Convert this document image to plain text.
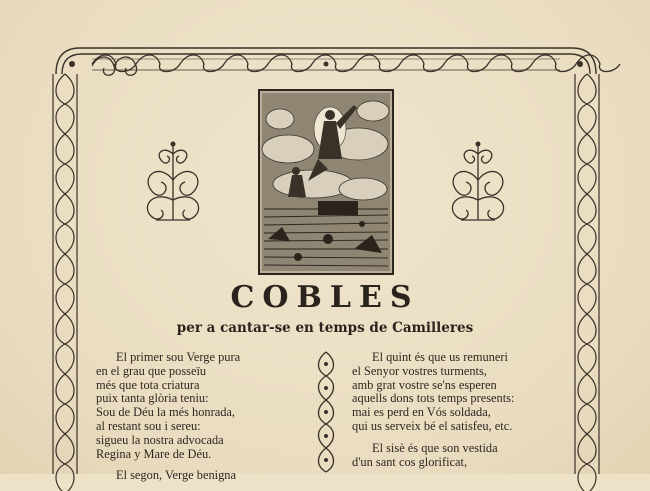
COBLES
per a cantar-se en temps de Camilleres
El primer sou Verge pura
en el grau que posseïu
més que tota criatura
puix tanta glòria teniu:
Sou de Déu la més honrada,
al restant sou i sereu:
sigueu la nostra advocada
Regina y Mare de Déu.
El segon, Verge benigna
El quint és que us remuneri
el Senyor vostres turments,
amb grat vostre se'ns esperen
aquells dons tots temps presents:
mai es perd en Vós soldada,
qui us serveix bé el satisfeu, etc.
El sisè és que son vestida
d'un sant cos glorificat,
